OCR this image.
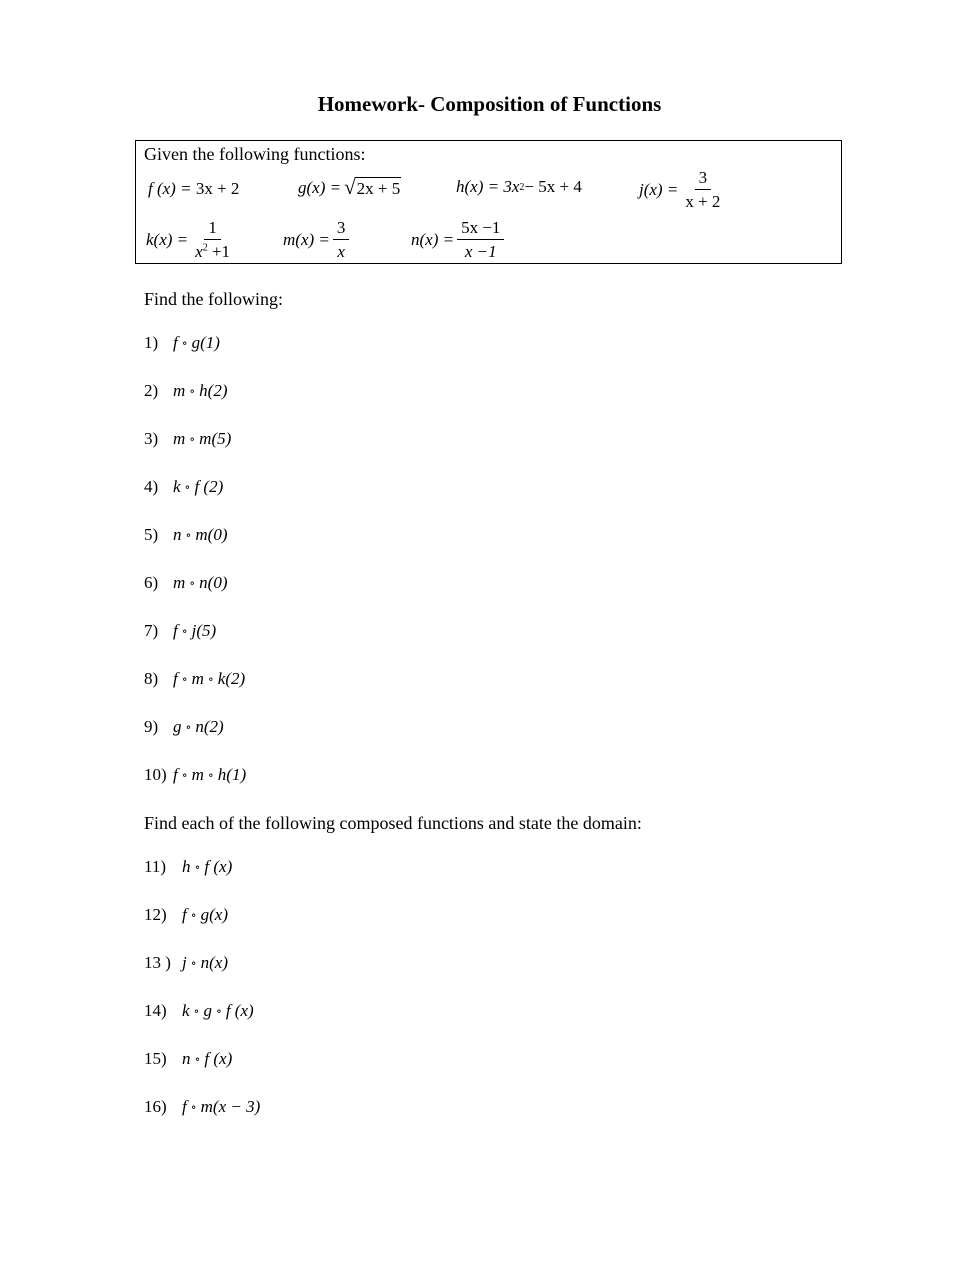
Homework- Composition of Functions
Given the following functions:
f (x) =
3x + 2	g(x) = √ 2x + 5	h(x) = 3x 2 − 5x + 4	$j(x) = \frac{3}{x + 2}$
$k(x) = \frac{1}{x^2 +1}$	$m(x) = \frac{3}{x}$	$n(x) = \frac{5x -1}{x -1}$
Find the following:
1) f ∘ g(1)
2) m ∘ h(2)
3) m ∘ m(5)
4) k ∘ f (2)
5) n ∘ m(0)
6) m ∘ n(0)
7) f ∘ j(5)
8) f ∘ m ∘ k(2)
9) g ∘ n(2)
10) f ∘ m ∘ h(1)
Find each of the following composed functions and state the domain:
11) h ∘ f (x)
12) f ∘ g(x)
13 ) j ∘ n(x)
14) k ∘ g ∘ f (x)
15) n ∘ f (x)
16) f ∘ m(x − 3)
